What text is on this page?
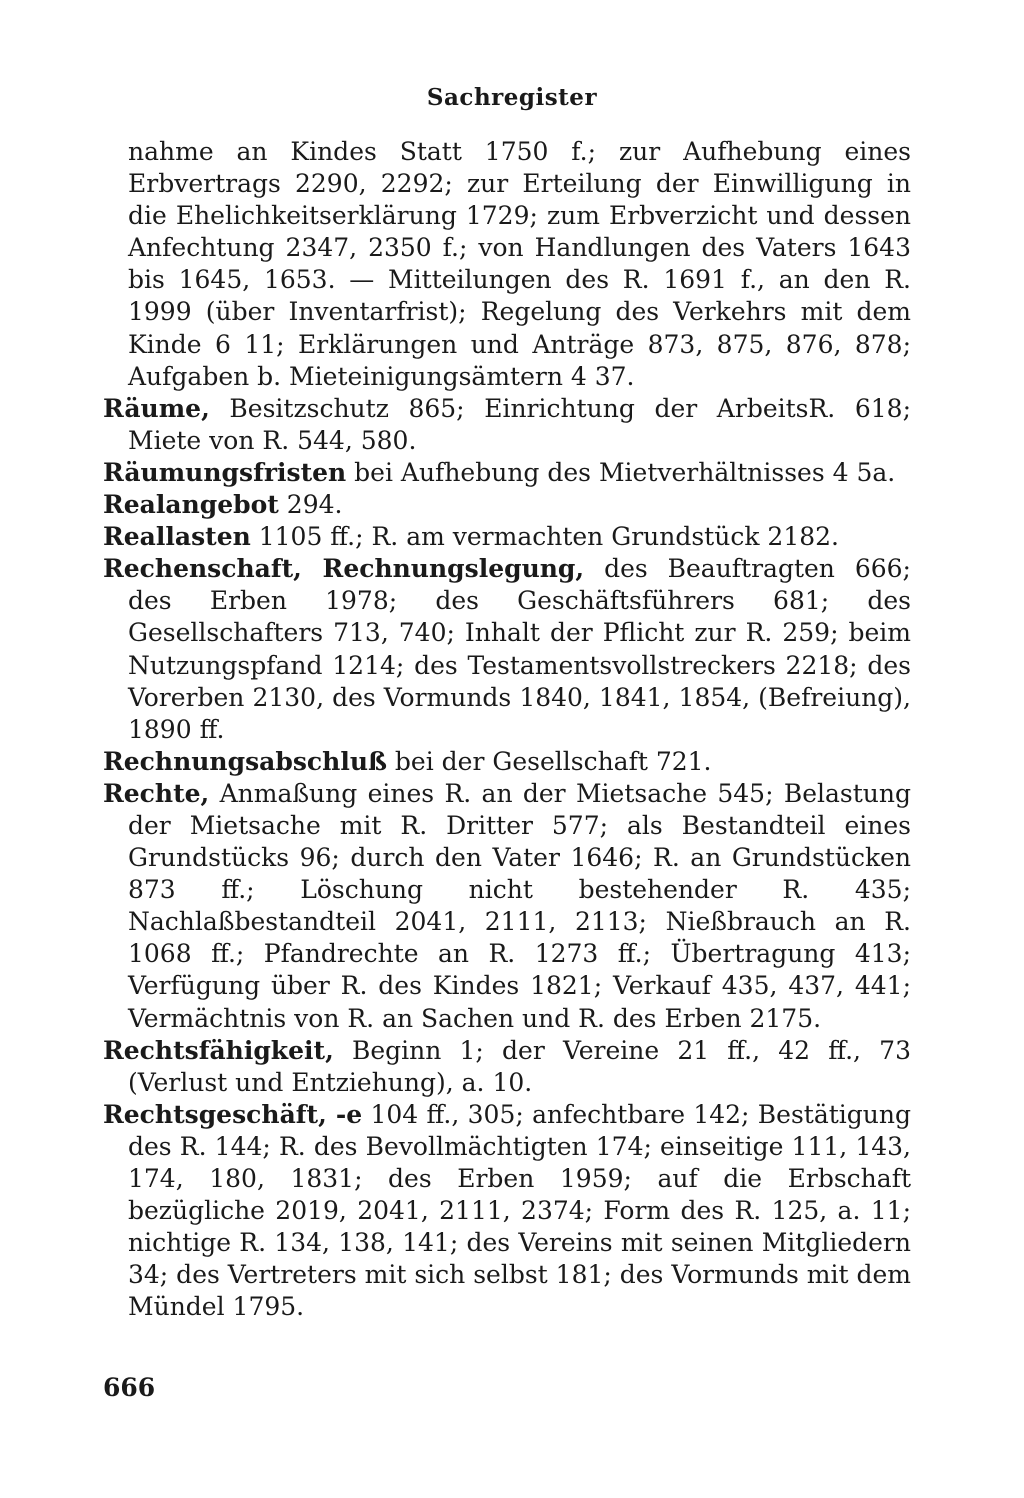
Sachregister

nahme an Kindes Statt 1750 f.; zur Aufhebung eines Erbvertrags 2290, 2292; zur Erteilung der Einwilligung in die Ehelichkeitserklärung 1729; zum Erbverzicht und dessen Anfechtung 2347, 2350 f.; von Handlungen des Vaters 1643 bis 1645, 1653. — Mitteilungen des R. 1691 f., an den R. 1999 (über Inventarfrist); Regelung des Verkehrs mit dem Kinde 6 11; Erklärungen und Anträge 873, 875, 876, 878; Aufgaben b. Mieteinigungsämtern 4 37.

Räume, Besitzschutz 865; Einrichtung der ArbeitsR. 618; Miete von R. 544, 580.

Räumungsfristen bei Aufhebung des Mietverhältnisses 4 5a.

Realangebot 294.

Reallasten 1105 ff.; R. am vermachten Grundstück 2182.

Rechenschaft, Rechnungslegung, des Beauftragten 666; des Erben 1978; des Geschäftsführers 681; des Gesellschafters 713, 740; Inhalt der Pflicht zur R. 259; beim Nutzungspfand 1214; des Testamentsvollstreckers 2218; des Vorerben 2130, des Vormunds 1840, 1841, 1854, (Befreiung), 1890 ff.

Rechnungsabschluß bei der Gesellschaft 721.

Rechte, Anmaßung eines R. an der Mietsache 545; Belastung der Mietsache mit R. Dritter 577; als Bestandteil eines Grundstücks 96; durch den Vater 1646; R. an Grundstücken 873 ff.; Löschung nicht bestehender R. 435; Nachlaßbestandteil 2041, 2111, 2113; Nießbrauch an R. 1068 ff.; Pfandrechte an R. 1273 ff.; Übertragung 413; Verfügung über R. des Kindes 1821; Verkauf 435, 437, 441; Vermächtnis von R. an Sachen und R. des Erben 2175.

Rechtsfähigkeit, Beginn 1; der Vereine 21 ff., 42 ff., 73 (Verlust und Entziehung), a. 10.

Rechtsgeschäft, -e 104 ff., 305; anfechtbare 142; Bestätigung des R. 144; R. des Bevollmächtigten 174; einseitige 111, 143, 174, 180, 1831; des Erben 1959; auf die Erbschaft bezügliche 2019, 2041, 2111, 2374; Form des R. 125, a. 11; nichtige R. 134, 138, 141; des Vereins mit seinen Mitgliedern 34; des Vertreters mit sich selbst 181; des Vormunds mit dem Mündel 1795.

666
